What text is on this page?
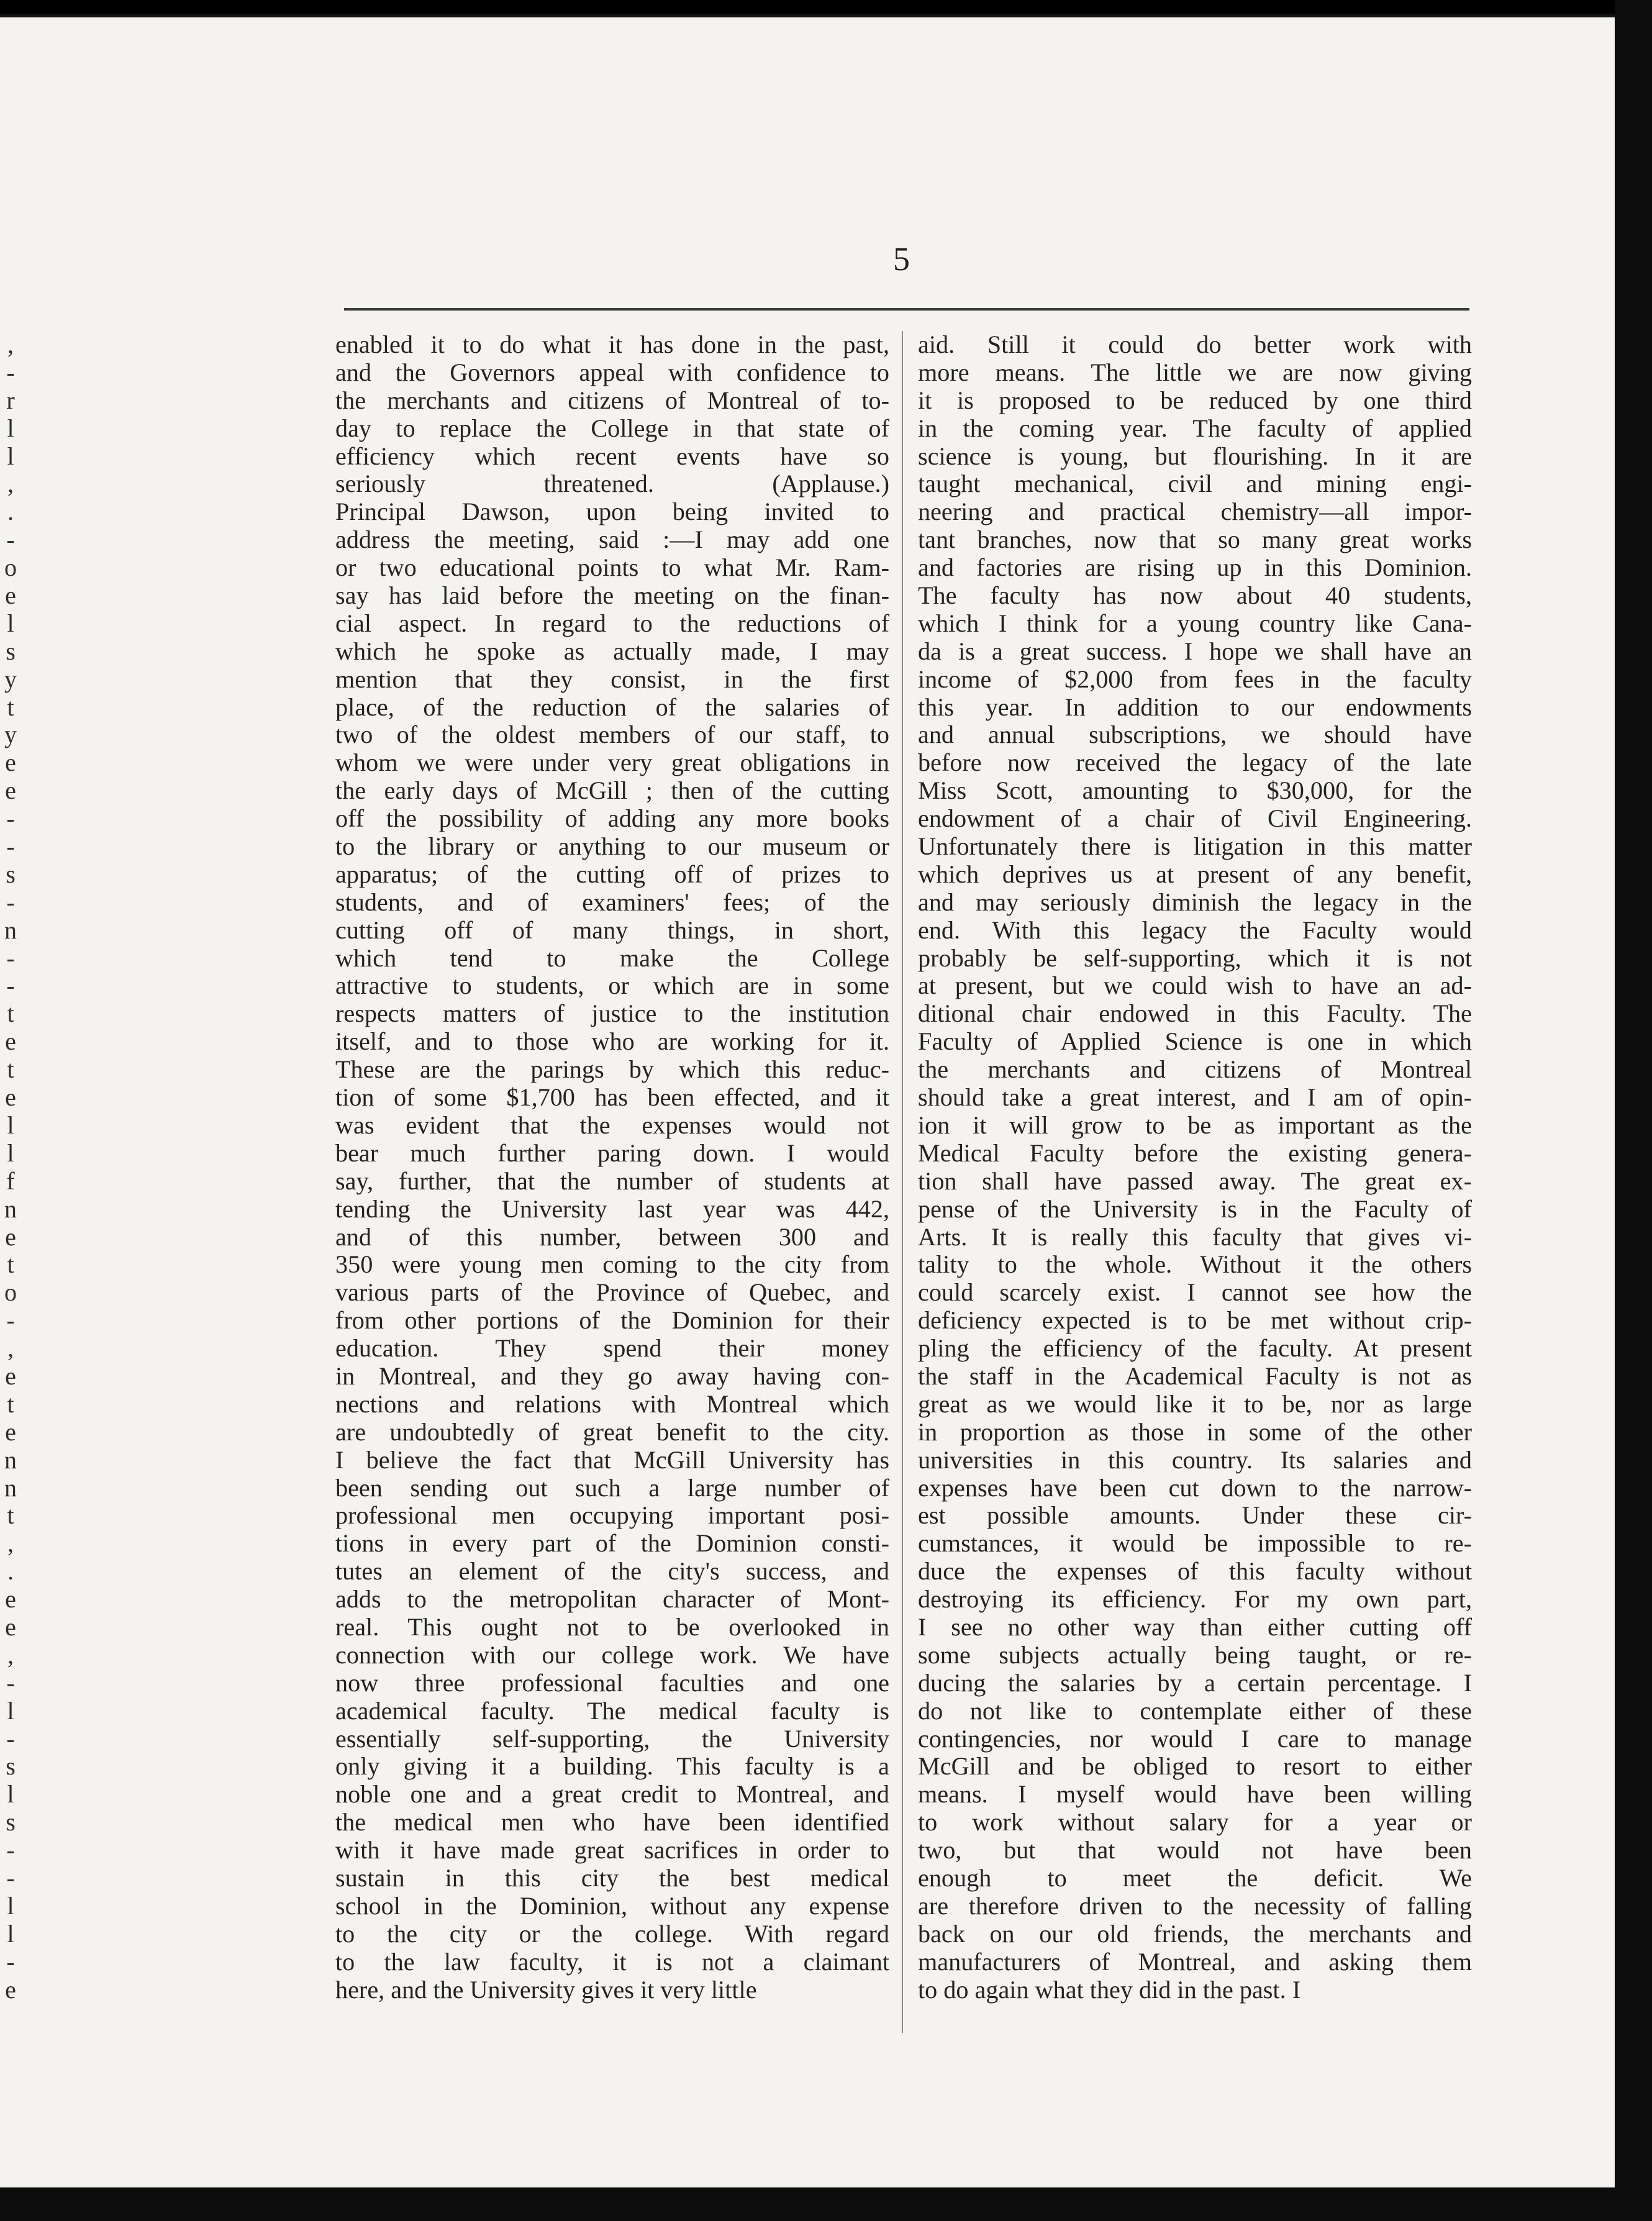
5
,
-
r
l
l
,
.
-
o
e
l
s
y
t
y
e
e
-
-
s
-
n
-
-
t
e
t
e
l
l
f
n
e
t
o
-
,
e
t
e
n
n
t
,
.
e
e
,
-
l
-
s
l
s
-
-
l
l
-
e
enabled it to do what it has done in the past,
and the Governors appeal with confidence to
the merchants and citizens of Montreal of to-
day to replace the College in that state of
efficiency which recent events have so
seriously threatened. (Applause.)
Principal Dawson, upon being invited to
address the meeting, said :—I may add one
or two educational points to what Mr. Ram-
say has laid before the meeting on the finan-
cial aspect. In regard to the reductions of
which he spoke as actually made, I may
mention that they consist, in the first
place, of the reduction of the salaries of
two of the oldest members of our staff, to
whom we were under very great obligations in
the early days of McGill ; then of the cutting
off the possibility of adding any more books
to the library or anything to our museum or
apparatus; of the cutting off of prizes to
students, and of examiners' fees; of the
cutting off of many things, in short,
which tend to make the College
attractive to students, or which are in some
respects matters of justice to the institution
itself, and to those who are working for it.
These are the parings by which this reduc-
tion of some $1,700 has been effected, and it
was evident that the expenses would not
bear much further paring down. I would
say, further, that the number of students at
tending the University last year was 442,
and of this number, between 300 and
350 were young men coming to the city from
various parts of the Province of Quebec, and
from other portions of the Dominion for their
education. They spend their money
in Montreal, and they go away having con-
nections and relations with Montreal which
are undoubtedly of great benefit to the city.
I believe the fact that McGill University has
been sending out such a large number of
professional men occupying important posi-
tions in every part of the Dominion consti-
tutes an element of the city's success, and
adds to the metropolitan character of Mont-
real. This ought not to be overlooked in
connection with our college work. We have
now three professional faculties and one
academical faculty. The medical faculty is
essentially self-supporting, the University
only giving it a building. This faculty is a
noble one and a great credit to Montreal, and
the medical men who have been identified
with it have made great sacrifices in order to
sustain in this city the best medical
school in the Dominion, without any expense
to the city or the college. With regard
to the law faculty, it is not a claimant
here, and the University gives it very little
aid. Still it could do better work with
more means. The little we are now giving
it is proposed to be reduced by one third
in the coming year. The faculty of applied
science is young, but flourishing. In it are
taught mechanical, civil and mining engi-
neering and practical chemistry—all impor-
tant branches, now that so many great works
and factories are rising up in this Dominion.
The faculty has now about 40 students,
which I think for a young country like Cana-
da is a great success. I hope we shall have an
income of $2,000 from fees in the faculty
this year. In addition to our endowments
and annual subscriptions, we should have
before now received the legacy of the late
Miss Scott, amounting to $30,000, for the
endowment of a chair of Civil Engineering.
Unfortunately there is litigation in this matter
which deprives us at present of any benefit,
and may seriously diminish the legacy in the
end. With this legacy the Faculty would
probably be self-supporting, which it is not
at present, but we could wish to have an ad-
ditional chair endowed in this Faculty. The
Faculty of Applied Science is one in which
the merchants and citizens of Montreal
should take a great interest, and I am of opin-
ion it will grow to be as important as the
Medical Faculty before the existing genera-
tion shall have passed away. The great ex-
pense of the University is in the Faculty of
Arts. It is really this faculty that gives vi-
tality to the whole. Without it the others
could scarcely exist. I cannot see how the
deficiency expected is to be met without crip-
pling the efficiency of the faculty. At present
the staff in the Academical Faculty is not as
great as we would like it to be, nor as large
in proportion as those in some of the other
universities in this country. Its salaries and
expenses have been cut down to the narrow-
est possible amounts. Under these cir-
cumstances, it would be impossible to re-
duce the expenses of this faculty without
destroying its efficiency. For my own part,
I see no other way than either cutting off
some subjects actually being taught, or re-
ducing the salaries by a certain percentage. I
do not like to contemplate either of these
contingencies, nor would I care to manage
McGill and be obliged to resort to either
means. I myself would have been willing
to work without salary for a year or
two, but that would not have been
enough to meet the deficit. We
are therefore driven to the necessity of falling
back on our old friends, the merchants and
manufacturers of Montreal, and asking them
to do again what they did in the past. I
